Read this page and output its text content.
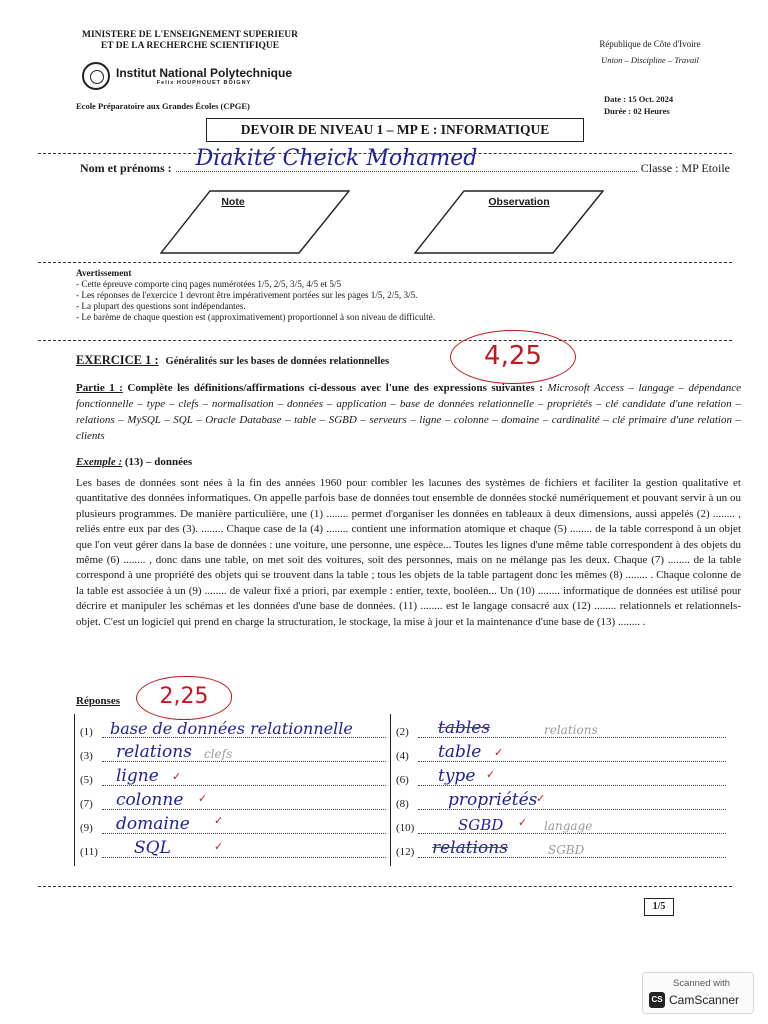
MINISTERE DE L'ENSEIGNEMENT SUPERIEUR
ET DE LA RECHERCHE SCIENTIFIQUE
Institut National Polytechnique
Felix HOUPHOUET BOIGNY
Ecole Préparatoire aux Grandes Écoles (CPGE)
République de Côte d'Ivoire
Union – Discipline – Travail
Date : 15 Oct. 2024
Durée : 02 Heures
DEVOIR DE NIVEAU 1 – MP E : INFORMATIQUE
Nom et prénoms : Diakité Cheick Mohamed	Classe : MP Etoile
Note	Observation
Avertissement
- Cette épreuve comporte cinq pages numérotées 1/5, 2/5, 3/5, 4/5 et 5/5
- Les réponses de l'exercice 1 devront être impérativement portées sur les pages 1/5, 2/5, 3/5.
- La plupart des questions sont indépendantes.
- Le barème de chaque question est (approximativement) proportionnel à son niveau de difficulté.
EXERCICE 1 : Généralités sur les bases de données relationnelles	4,25
Partie 1 : Complète les définitions/affirmations ci-dessous avec l'une des expressions suivantes : Microsoft Access – langage – dépendance fonctionnelle – type – clefs – normalisation – données – application – base de données relationnelle – propriétés – clé candidate d'une relation – relations – MySQL – SQL – Oracle Database – table – SGBD – serveurs – ligne – colonne – domaine – cardinalité – clé primaire d'une relation – clients
Exemple : (13) – données
Les bases de données sont nées à la fin des années 1960 pour combler les lacunes des systèmes de fichiers et faciliter la gestion qualitative et quantitative des données informatiques. On appelle parfois base de données tout ensemble de données stocké numériquement et pouvant servir à un ou plusieurs programmes. De manière particulière, une (1) ........ permet d'organiser les données en tableaux à deux dimensions, aussi appelés (2) ........ , reliés entre eux par des (3). ........ Chaque case de la (4) ........ contient une information atomique et chaque (5) ........ de la table correspond à un objet que l'on veut gérer dans la base de données : une voiture, une personne, une espèce... Toutes les lignes d'une même table correspondent à des objets du même (6) ........ , donc dans une table, on met soit des voitures, soit des personnes, mais on ne mélange pas les deux. Chaque (7) ........ de la table correspond à une propriété des objets qui se trouvent dans la table ; tous les objets de la table partagent donc les mêmes (8) ........ . Chaque colonne de la table est associée à un (9) ........ de valeur fixé a priori, par exemple : entier, texte, booléen... Un (10) ........ informatique de données est utilisé pour décrire et manipuler les schémas et les données d'une base de données. (11) ........ est le langage consacré aux (12) ........ relationnels et relationnels-objet. C'est un logiciel qui prend en charge la structuration, le stockage, la mise à jour et la maintenance d'une base de (13) ........ .
Réponses	2,25
(1)	base de données relationnelle
(3)	relations clefs
(5)	ligne ✓
(7)	colonne ✓
(9)	domaine ✓
(11) SQL	✓
(2)	tables	relations
(4)	table ✓
(6)	type ✓
(8)	propriétés
✓
(10)	SGBD ✓ langage
(12) relations	SGBD
1/5
Scanned with
CS CamScanner
